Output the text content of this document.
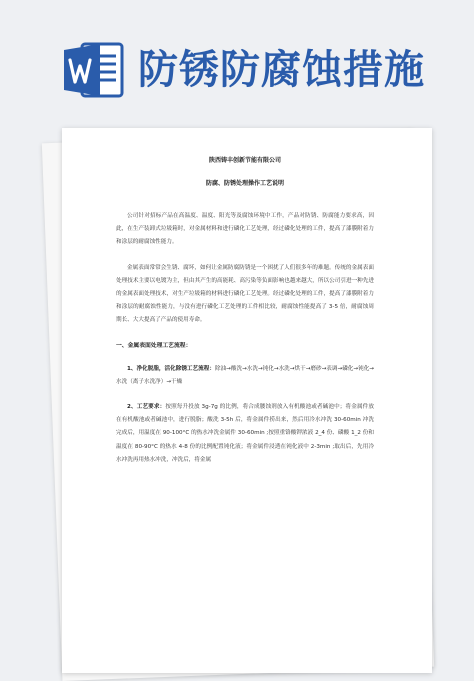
防锈防腐蚀措施
陕西铸丰创新节能有限公司
防腐、防锈处理操作工艺说明

公司针对招标产品在高温度、温度、阳光等及腐蚀环境中工作，产品对防锈、防腐能力要求高，因此，在生产装卸式垃圾箱时，对金属材料和进行磷化工艺处理，经过磷化处理的工件，提高了漆膜附着力和涂层的耐腐蚀性能力。

金属表面常常会生锈、腐坏，如何让金属防腐防锈是一个困扰了人们很多年的难题。传统的金属表面处理技术主要以电镀为主，但由其产生的高能耗、高污染等负面影响也越来越大，所以公司引进一种先进的金属表面处理技术，对生产垃圾箱的材料进行磷化工艺处理。经过磷化处理的工件，提高了漆膜附着力和涂层的耐腐蚀性能力，与没有进行磷化工艺处理的工件相比较，耐腐蚀性能提高了 3-5 倍，耐腐蚀周期长、大大提高了产品的使用寿命。

一、金属表面处理工艺流程：

1、净化脱脂，活化除锈工艺流程：除油→酸洗→水洗→钝化→水洗→烘干→磨砂→表调→磷化→钝化→水洗（离子水洗净）→干燥

2、工艺要求：按照每升投放 3g-7g 的比例，将合成腰蚀剂放入有机酸池或者碱池中；将金属件放在有机酸池或者碱池中，进行脱脂；酸洗 3-5h 后，将金属件捞出来，然后用冷水冲洗 30-60min 冲洗完成后，用温度在 90-100°C 的热水冲洗金属件 30-60min ;按照重铬酸钾浓液 2_4 份、磷酸 1_2 份和温度在 80-90°C 的热水 4-8 份的比例配置钝化液；将金属件浸透在钝化液中 2-3min ;取出后，先用冷水冲洗再用热水冲洗，冲洗后，将金属
